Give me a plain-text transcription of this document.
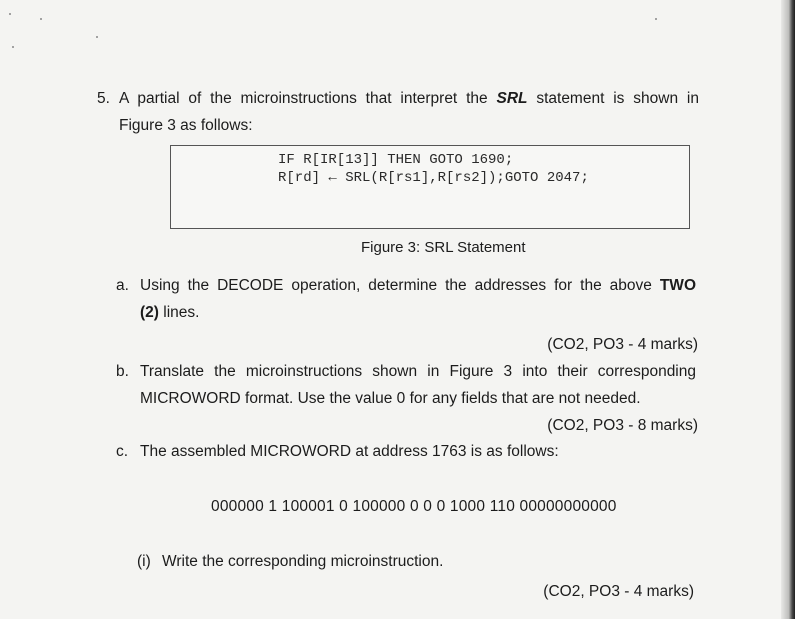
5. A partial of the microinstructions that interpret the SRL statement is shown in
Figure 3 as follows:
IF R[IR[13]] THEN GOTO 1690;
R[rd] ← SRL(R[rs1],R[rs2]);GOTO 2047;
Figure 3: SRL Statement
a. Using the DECODE operation, determine the addresses for the above TWO
(2) lines.
(CO2, PO3 - 4 marks)
b. Translate the microinstructions shown in Figure 3 into their corresponding
MICROWORD format. Use the value 0 for any fields that are not needed.
(CO2, PO3 - 8 marks)
c. The assembled MICROWORD at address 1763 is as follows:
000000 1 100001 0 100000 0 0 0 1000 110 00000000000
(i) Write the corresponding microinstruction.
(CO2, PO3 - 4 marks)
